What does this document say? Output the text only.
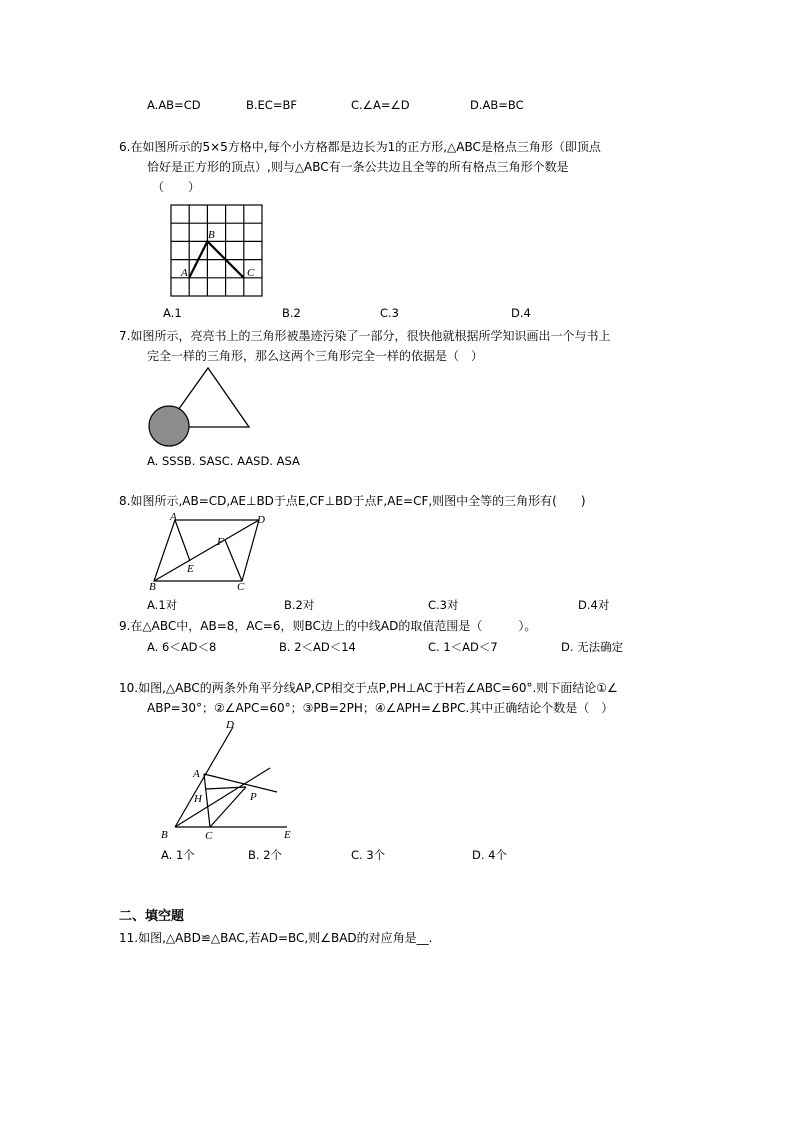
A.AB=CD	B.EC=BF	C.∠A=∠D	D.AB=BC
6.在如图所示的5×5方格中,每个小方格都是边长为1的正方形,△ABC是格点三角形（即顶点
恰好是正方形的顶点）,则与△ABC有一条公共边且全等的所有格点三角形个数是
（　　）
A
B
C
A.1	B.2	C.3	D.4
7.如图所示，亮亮书上的三角形被墨迹污染了一部分，很快他就根据所学知识画出一个与书上
完全一样的三角形，那么这两个三角形完全一样的依据是（　）
A. SSSB. SASC. AASD. ASA
8.如图所示,AB=CD,AE⊥BD于点E,CF⊥BD于点F,AE=CF,则图中全等的三角形有(　　)
A	D
F
E
B	C
A.1对	B.2对	C.3对	D.4对
9.在△ABC中，AB=8，AC=6，则BC边上的中线AD的取值范围是（　　　）。
A. 6＜AD＜8	B. 2＜AD＜14	C. 1＜AD＜7	D. 无法确定
10.如图,△ABC的两条外角平分线AP,CP相交于点P,PH⊥AC于H若∠ABC=60°.则下面结论①∠
ABP=30°；②∠APC=60°；③PB=2PH；④∠APH=∠BPC.其中正确结论个数是（　）
D
A
H	P
B	C	E
A. 1个	B. 2个	C. 3个	D. 4个
二、填空题
11.如图,△ABD≌△BAC,若AD=BC,则∠BAD的对应角是__.
